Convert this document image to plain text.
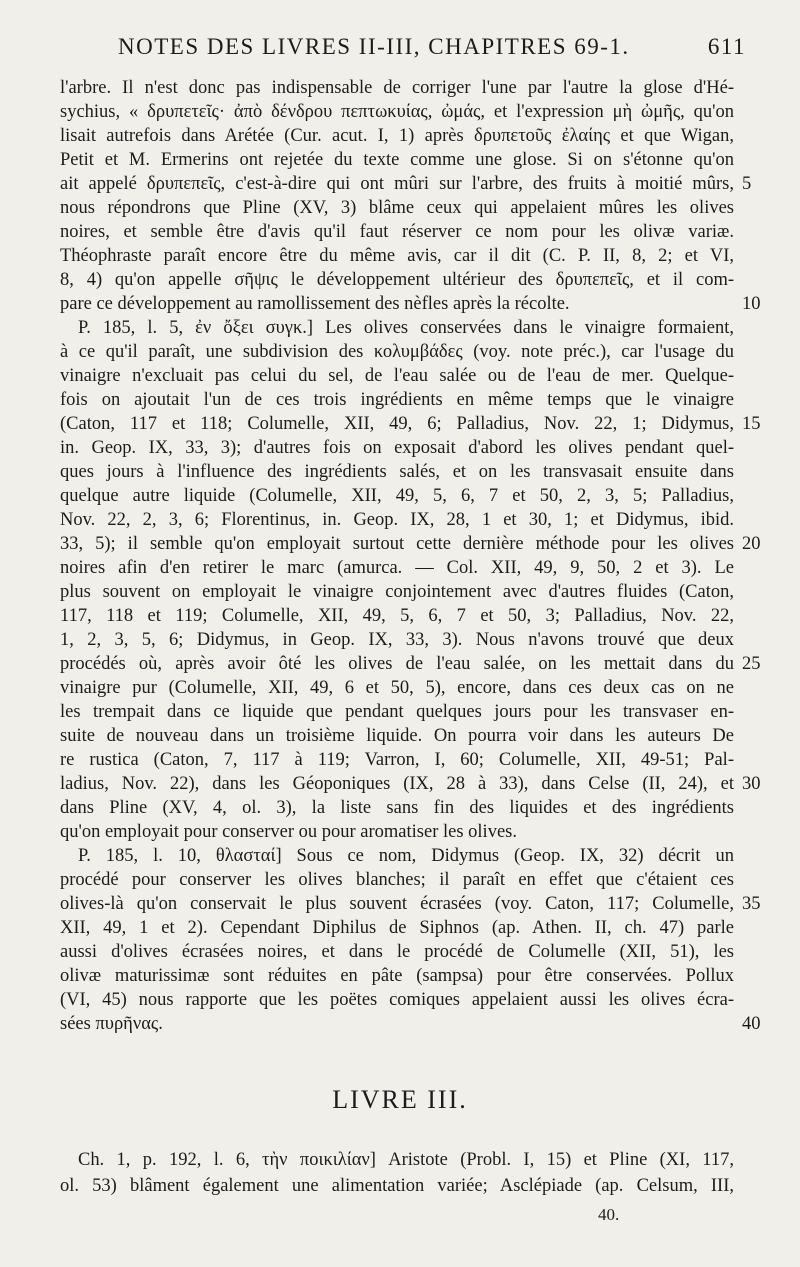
NOTES DES LIVRES II-III, CHAPITRES 69-1.	611
l'arbre. Il n'est donc pas indispensable de corriger l'une par l'autre la glose d'Hé-
sychius, « δρυπετεῖς· ἀπὸ δένδρου πεπτωκυίας, ὠμάς, et l'expression μὴ ὠμῆς, qu'on
lisait autrefois dans Arétée (Cur. acut. I, 1) après δρυπετοῦς ἐλαίης et que Wigan,
Petit et M. Ermerins ont rejetée du texte comme une glose. Si on s'étonne qu'on
ait appelé δρυπεπεῖς, c'est-à-dire qui ont mûri sur l'arbre, des fruits à moitié mûrs,
nous répondrons que Pline (XV, 3) blâme ceux qui appelaient mûres les olives
noires, et semble être d'avis qu'il faut réserver ce nom pour les olivæ variæ.
Théophraste paraît encore être du même avis, car il dit (C. P. II, 8, 2; et VI,
8, 4) qu'on appelle σῆψις le développement ultérieur des δρυπεπεῖς, et il com-
pare ce développement au ramollissement des nèfles après la récolte.
P. 185, l. 5, ἐν ὄξει συγκ.] Les olives conservées dans le vinaigre formaient,
à ce qu'il paraît, une subdivision des κολυμβάδες (voy. note préc.), car l'usage du
vinaigre n'excluait pas celui du sel, de l'eau salée ou de l'eau de mer. Quelque-
fois on ajoutait l'un de ces trois ingrédients en même temps que le vinaigre
(Caton, 117 et 118; Columelle, XII, 49, 6; Palladius, Nov. 22, 1; Didymus,
in. Geop. IX, 33, 3); d'autres fois on exposait d'abord les olives pendant quel-
ques jours à l'influence des ingrédients salés, et on les transvasait ensuite dans
quelque autre liquide (Columelle, XII, 49, 5, 6, 7 et 50, 2, 3, 5; Palladius,
Nov. 22, 2, 3, 6; Florentinus, in. Geop. IX, 28, 1 et 30, 1; et Didymus, ibid.
33, 5); il semble qu'on employait surtout cette dernière méthode pour les olives
noires afin d'en retirer le marc (amurca. — Col. XII, 49, 9, 50, 2 et 3). Le
plus souvent on employait le vinaigre conjointement avec d'autres fluides (Caton,
117, 118 et 119; Columelle, XII, 49, 5, 6, 7 et 50, 3; Palladius, Nov. 22,
1, 2, 3, 5, 6; Didymus, in Geop. IX, 33, 3). Nous n'avons trouvé que deux
procédés où, après avoir ôté les olives de l'eau salée, on les mettait dans du
vinaigre pur (Columelle, XII, 49, 6 et 50, 5), encore, dans ces deux cas on ne
les trempait dans ce liquide que pendant quelques jours pour les transvaser en-
suite de nouveau dans un troisième liquide. On pourra voir dans les auteurs De
re rustica (Caton, 7, 117 à 119; Varron, I, 60; Columelle, XII, 49-51; Pal-
ladius, Nov. 22), dans les Géoponiques (IX, 28 à 33), dans Celse (II, 24), et
dans Pline (XV, 4, ol. 3), la liste sans fin des liquides et des ingrédients
qu'on employait pour conserver ou pour aromatiser les olives.
P. 185, l. 10, θλασταί] Sous ce nom, Didymus (Geop. IX, 32) décrit un
procédé pour conserver les olives blanches; il paraît en effet que c'étaient ces
olives-là qu'on conservait le plus souvent écrasées (voy. Caton, 117; Columelle,
XII, 49, 1 et 2). Cependant Diphilus de Siphnos (ap. Athen. II, ch. 47) parle
aussi d'olives écrasées noires, et dans le procédé de Columelle (XII, 51), les
olivæ maturissimæ sont réduites en pâte (sampsa) pour être conservées. Pollux
(VI, 45) nous rapporte que les poëtes comiques appelaient aussi les olives écra-
sées πυρῆνας.
5
10
15
20
25
30
35
40
LIVRE III.
Ch. 1, p. 192, l. 6, τὴν ποικιλίαν] Aristote (Probl. I, 15) et Pline (XI, 117,
ol. 53) blâment également une alimentation variée; Asclépiade (ap. Celsum, III,
40.
